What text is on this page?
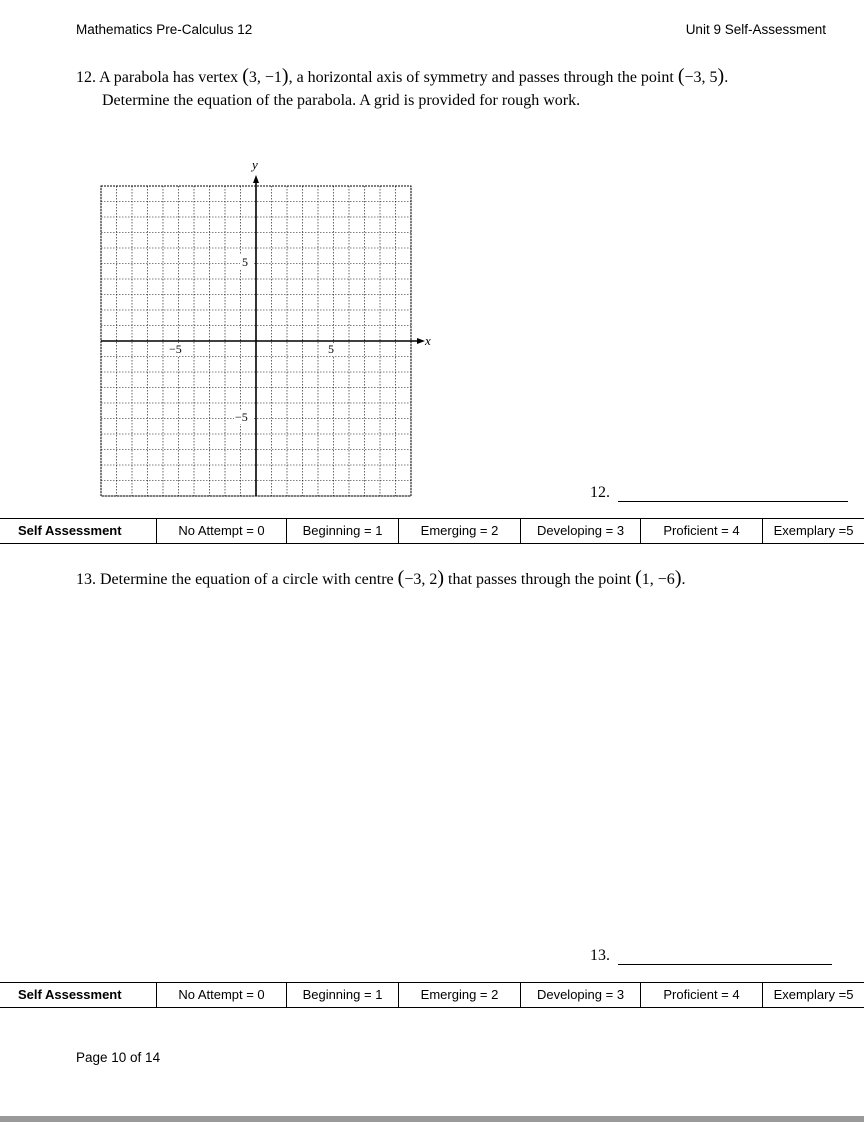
Mathematics Pre-Calculus 12	Unit 9 Self-Assessment
12. A parabola has vertex (3, −1), a horizontal axis of symmetry and passes through the point (−3, 5).
Determine the equation of the parabola. A grid is provided for rough work.
y
x
5
−5
−5	5
12.
Self Assessment	No Attempt = 0	Beginning = 1	Emerging = 2	Developing = 3	Proficient = 4	Exemplary =5
13. Determine the equation of a circle with centre (−3, 2) that passes through the point (1, −6).
13.
Self Assessment	No Attempt = 0	Beginning = 1	Emerging = 2	Developing = 3	Proficient = 4	Exemplary =5
Page 10 of 14
